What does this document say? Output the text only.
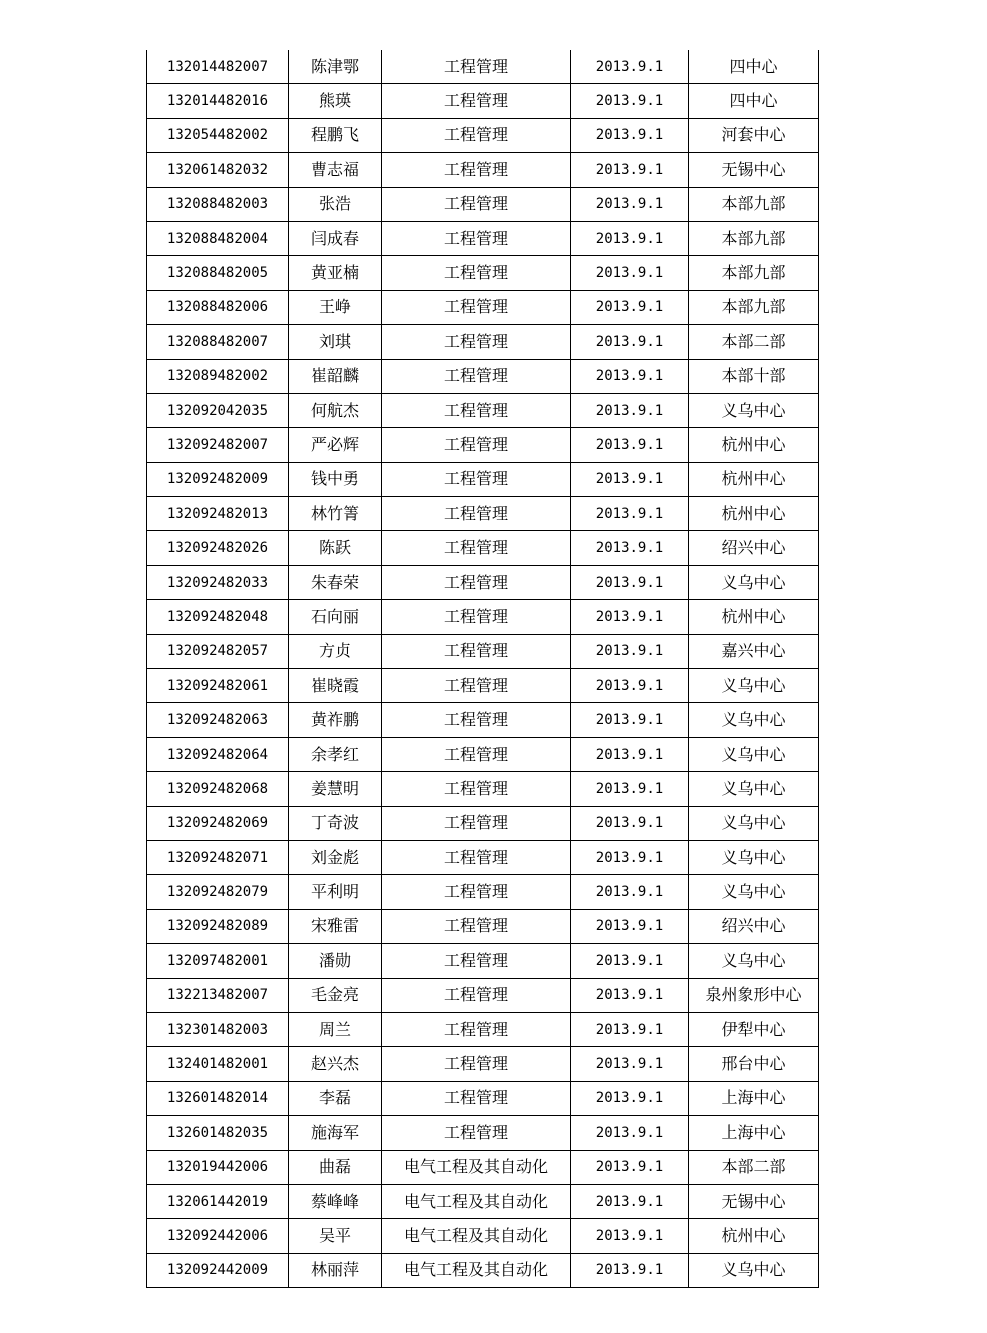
132014482007	陈津鄂	工程管理	2013.9.1	四中心
132014482016	熊瑛	工程管理	2013.9.1	四中心
132054482002	程鹏飞	工程管理	2013.9.1	河套中心
132061482032	曹志福	工程管理	2013.9.1	无锡中心
132088482003	张浩	工程管理	2013.9.1	本部九部
132088482004	闫成春	工程管理	2013.9.1	本部九部
132088482005	黄亚楠	工程管理	2013.9.1	本部九部
132088482006	王峥	工程管理	2013.9.1	本部九部
132088482007	刘琪	工程管理	2013.9.1	本部二部
132089482002	崔韶麟	工程管理	2013.9.1	本部十部
132092042035	何航杰	工程管理	2013.9.1	义乌中心
132092482007	严必辉	工程管理	2013.9.1	杭州中心
132092482009	钱中勇	工程管理	2013.9.1	杭州中心
132092482013	林竹箐	工程管理	2013.9.1	杭州中心
132092482026	陈跃	工程管理	2013.9.1	绍兴中心
132092482033	朱春荣	工程管理	2013.9.1	义乌中心
132092482048	石向丽	工程管理	2013.9.1	杭州中心
132092482057	方贞	工程管理	2013.9.1	嘉兴中心
132092482061	崔晓霞	工程管理	2013.9.1	义乌中心
132092482063	黄祚鹏	工程管理	2013.9.1	义乌中心
132092482064	余孝红	工程管理	2013.9.1	义乌中心
132092482068	姜慧明	工程管理	2013.9.1	义乌中心
132092482069	丁奇波	工程管理	2013.9.1	义乌中心
132092482071	刘金彪	工程管理	2013.9.1	义乌中心
132092482079	平利明	工程管理	2013.9.1	义乌中心
132092482089	宋雅雷	工程管理	2013.9.1	绍兴中心
132097482001	潘勋	工程管理	2013.9.1	义乌中心
132213482007	毛金亮	工程管理	2013.9.1	泉州象形中心
132301482003	周兰	工程管理	2013.9.1	伊犁中心
132401482001	赵兴杰	工程管理	2013.9.1	邢台中心
132601482014	李磊	工程管理	2013.9.1	上海中心
132601482035	施海军	工程管理	2013.9.1	上海中心
132019442006	曲磊	电气工程及其自动化	2013.9.1	本部二部
132061442019	蔡峰峰	电气工程及其自动化	2013.9.1	无锡中心
132092442006	吴平	电气工程及其自动化	2013.9.1	杭州中心
132092442009	林丽萍	电气工程及其自动化	2013.9.1	义乌中心
